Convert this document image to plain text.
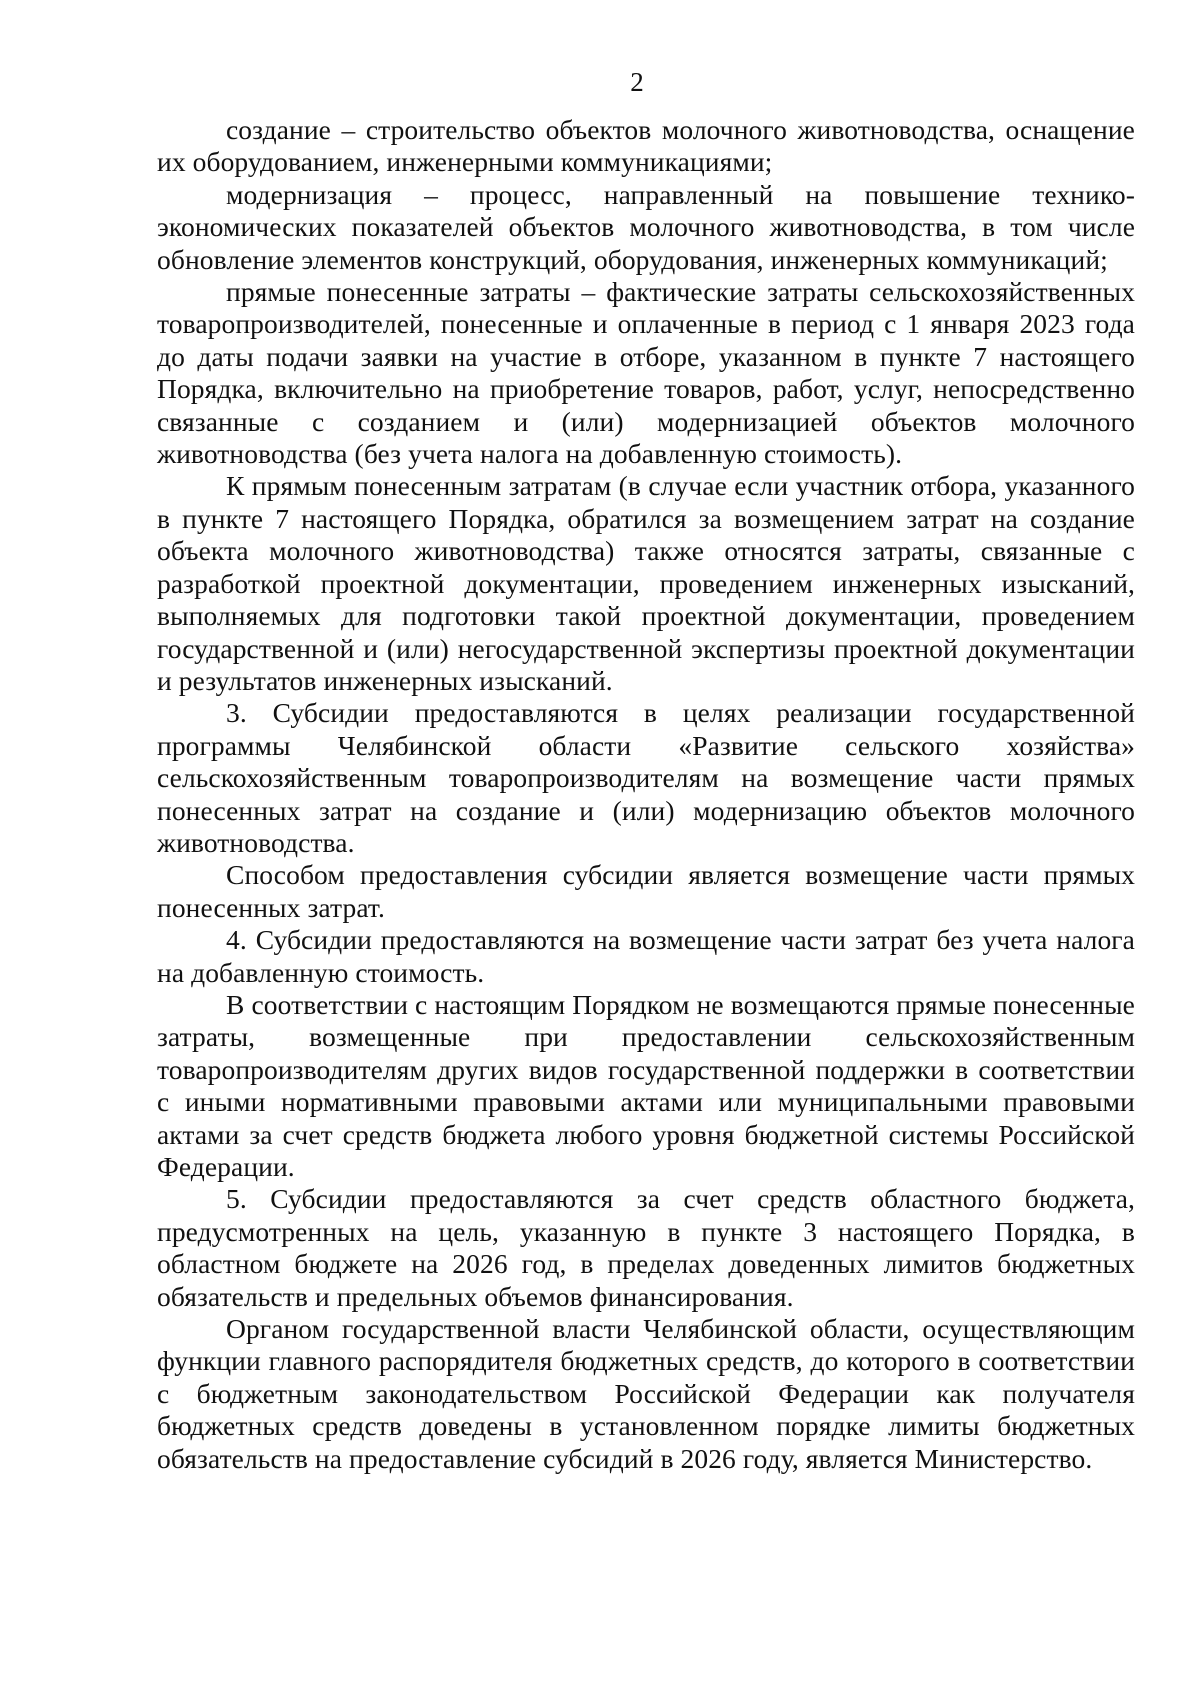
2

создание – строительство объектов молочного животноводства, оснащение их оборудованием, инженерными коммуникациями;

модернизация – процесс, направленный на повышение технико-экономических показателей объектов молочного животноводства, в том числе обновление элементов конструкций, оборудования, инженерных коммуникаций;

прямые понесенные затраты – фактические затраты сельскохозяйственных товаропроизводителей, понесенные и оплаченные в период с 1 января 2023 года до даты подачи заявки на участие в отборе, указанном в пункте 7 настоящего Порядка, включительно на приобретение товаров, работ, услуг, непосредственно связанные с созданием и (или) модернизацией объектов молочного животноводства (без учета налога на добавленную стоимость).

К прямым понесенным затратам (в случае если участник отбора, указанного в пункте 7 настоящего Порядка, обратился за возмещением затрат на создание объекта молочного животноводства) также относятся затраты, связанные с разработкой проектной документации, проведением инженерных изысканий, выполняемых для подготовки такой проектной документации, проведением государственной и (или) негосударственной экспертизы проектной документации и результатов инженерных изысканий.

3. Субсидии предоставляются в целях реализации государственной программы Челябинской области «Развитие сельского хозяйства» сельскохозяйственным товаропроизводителям на возмещение части прямых понесенных затрат на создание и (или) модернизацию объектов молочного животноводства.

Способом предоставления субсидии является возмещение части прямых понесенных затрат.

4. Субсидии предоставляются на возмещение части затрат без учета налога на добавленную стоимость.

В соответствии с настоящим Порядком не возмещаются прямые понесенные затраты, возмещенные при предоставлении сельскохозяйственным товаропроизводителям других видов государственной поддержки в соответствии с иными нормативными правовыми актами или муниципальными правовыми актами за счет средств бюджета любого уровня бюджетной системы Российской Федерации.

5. Субсидии предоставляются за счет средств областного бюджета, предусмотренных на цель, указанную в пункте 3 настоящего Порядка, в областном бюджете на 2026 год, в пределах доведенных лимитов бюджетных обязательств и предельных объемов финансирования.

Органом государственной власти Челябинской области, осуществляющим функции главного распорядителя бюджетных средств, до которого в соответствии с бюджетным законодательством Российской Федерации как получателя бюджетных средств доведены в установленном порядке лимиты бюджетных обязательств на предоставление субсидий в 2026 году, является Министерство.
